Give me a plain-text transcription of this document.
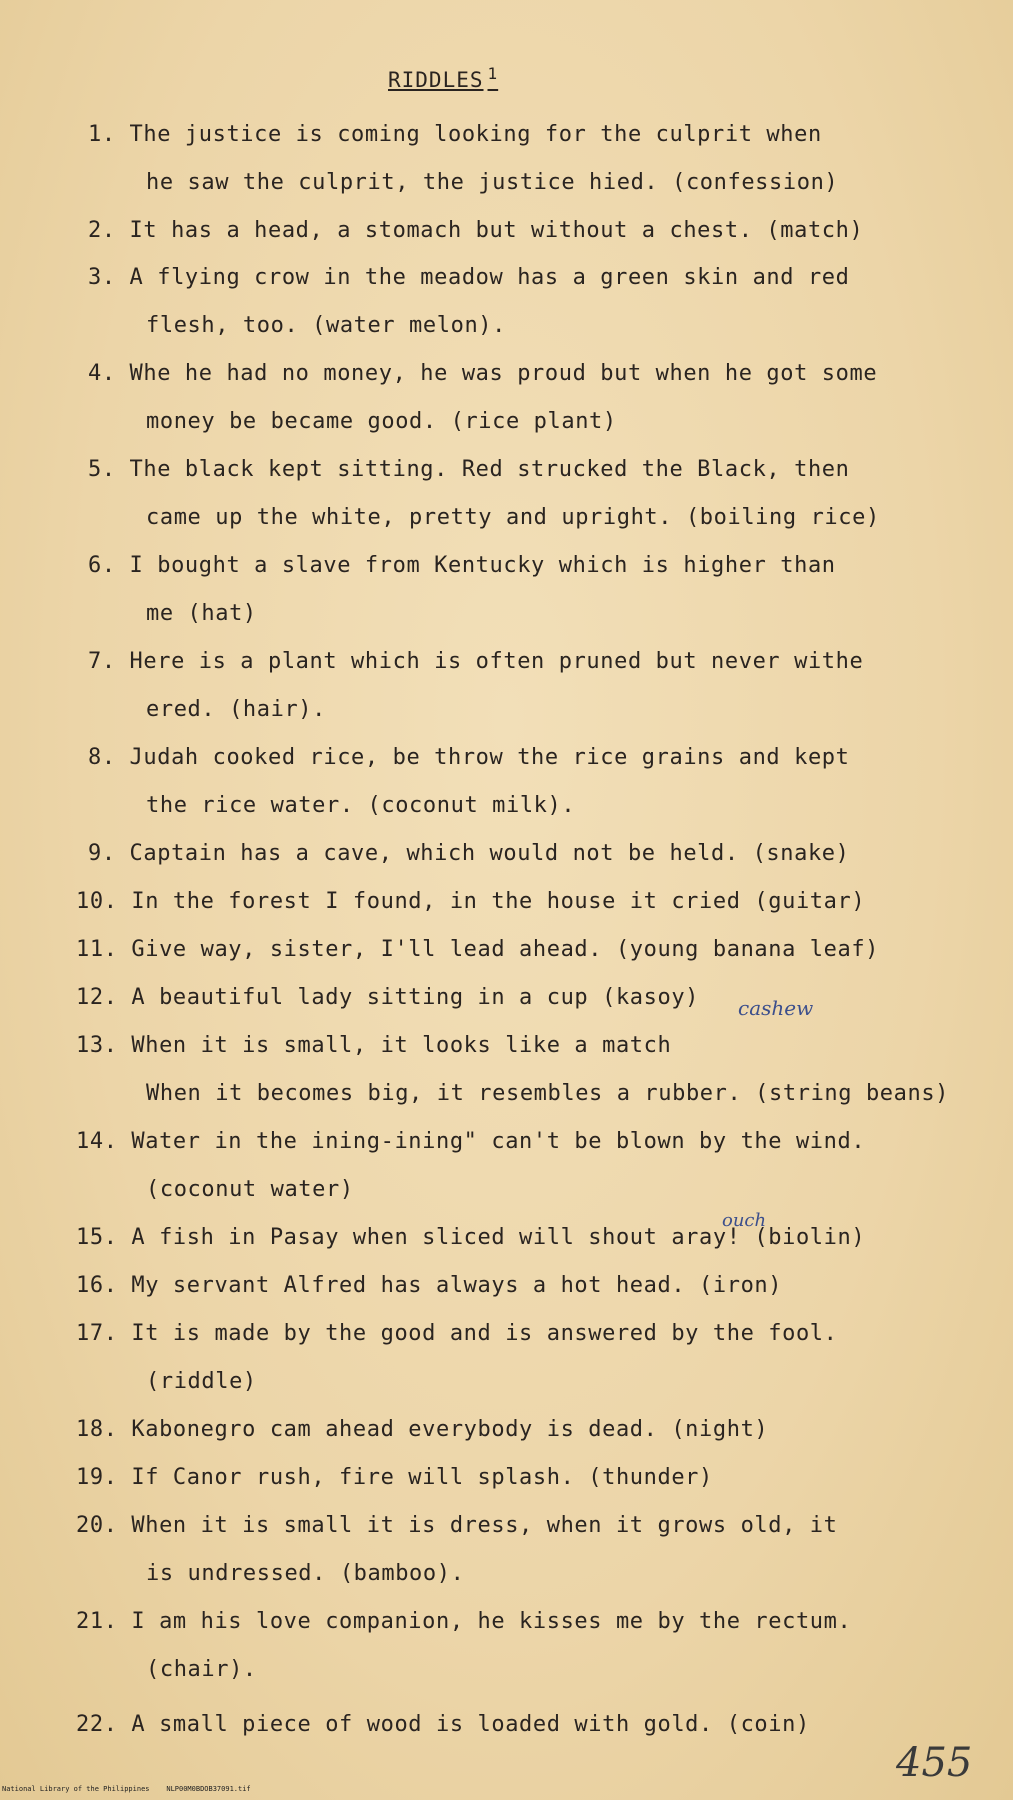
RIDDLES $^1$
1. The justice is coming looking for the culprit when
he saw the culprit, the justice hied. (confession)
2. It has a head, a stomach but without a chest. (match)
3. A flying crow in the meadow has a green skin and red
flesh, too. (water melon).
4. Whe he had no money, he was proud but when he got some
money be became good. (rice plant)
5. The black kept sitting. Red strucked the Black, then
came up the white, pretty and upright. (boiling rice)
6. I bought a slave from Kentucky which is higher than
me (hat)
7. Here is a plant which is often pruned but never withe
ered. (hair).
8. Judah cooked rice, be throw the rice grains and kept
the rice water. (coconut milk).
9. Captain has a cave, which would not be held. (snake)
10. In the forest I found, in the house it cried (guitar)
11. Give way, sister, I'll lead ahead. (young banana leaf)
12. A beautiful lady sitting in a cup (kasoy)
13. When it is small, it looks like a match
When it becomes big, it resembles a rubber. (string beans)
14. Water in the ining-ining" can't be blown by the wind.
(coconut water)
15. A fish in Pasay when sliced will shout aray! (biolin)
16. My servant Alfred has always a hot head. (iron)
17. It is made by the good and is answered by the fool.
(riddle)
18. Kabonegro cam ahead everybody is dead. (night)
19. If Canor rush, fire will splash. (thunder)
20. When it is small it is dress, when it grows old, it
is undressed. (bamboo).
21. I am his love companion, he kisses me by the rectum.
(chair).
22. A small piece of wood is loaded with gold. (coin)
cashew
ouch
455
National Library of the Philippines    NLP00M0BDOB37091.tif
